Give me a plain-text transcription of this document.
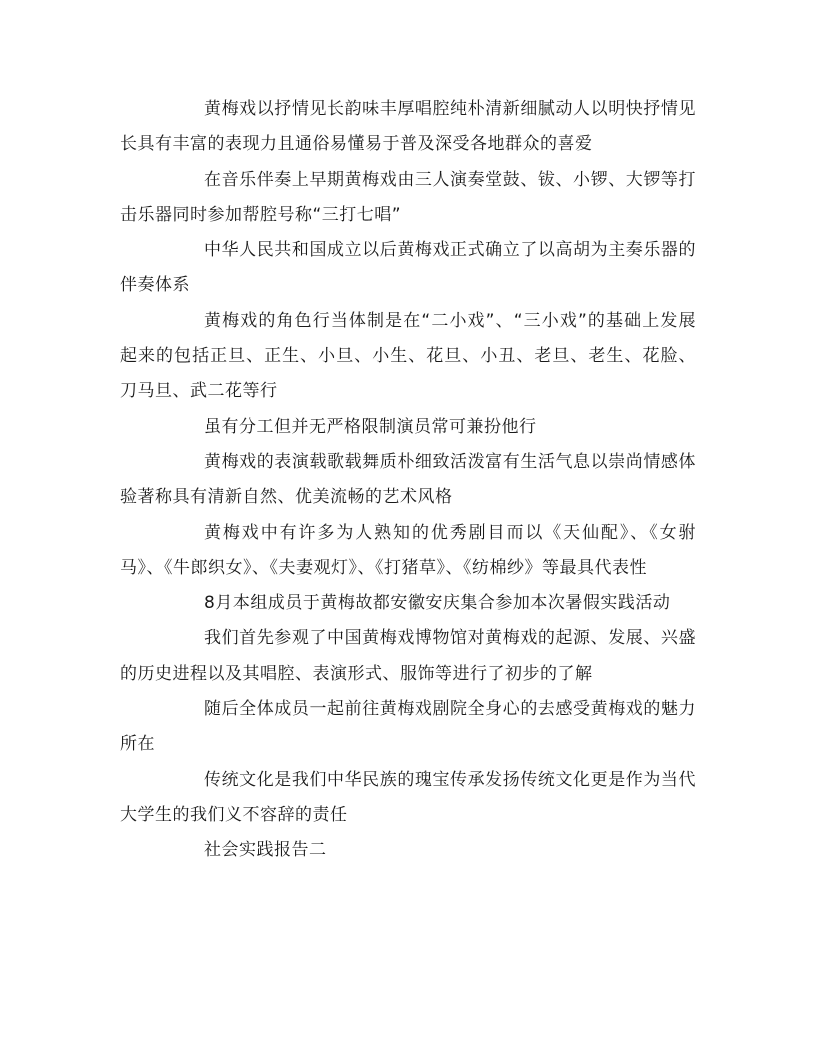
黄梅戏以抒情见长韵味丰厚唱腔纯朴清新细腻动人以明快抒情见长具有丰富的表现力且通俗易懂易于普及深受各地群众的喜爱

在音乐伴奏上早期黄梅戏由三人演奏堂鼓、钹、小锣、大锣等打击乐器同时参加帮腔号称“三打七唱”

中华人民共和国成立以后黄梅戏正式确立了以高胡为主奏乐器的伴奏体系

黄梅戏的角色行当体制是在“二小戏”、“三小戏”的基础上发展起来的包括正旦、正生、小旦、小生、花旦、小丑、老旦、老生、花脸、刀马旦、武二花等行

虽有分工但并无严格限制演员常可兼扮他行

黄梅戏的表演载歌载舞质朴细致活泼富有生活气息以崇尚情感体验著称具有清新自然、优美流畅的艺术风格

黄梅戏中有许多为人熟知的优秀剧目而以《天仙配》、《女驸马》、《牛郎织女》、《夫妻观灯》、《打猪草》、《纺棉纱》等最具代表性

8月本组成员于黄梅故都安徽安庆集合参加本次暑假实践活动

我们首先参观了中国黄梅戏博物馆对黄梅戏的起源、发展、兴盛的历史进程以及其唱腔、表演形式、服饰等进行了初步的了解

随后全体成员一起前往黄梅戏剧院全身心的去感受黄梅戏的魅力所在

传统文化是我们中华民族的瑰宝传承发扬传统文化更是作为当代大学生的我们义不容辞的责任

社会实践报告二
